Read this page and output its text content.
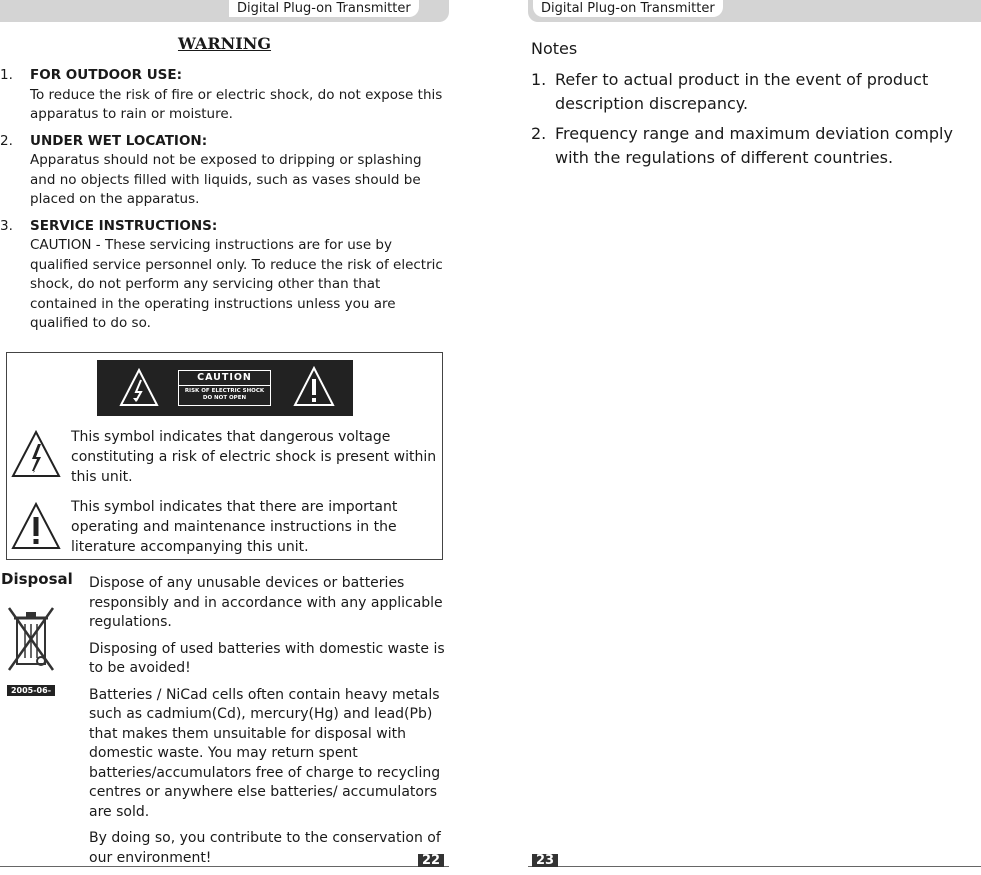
Digital Plug-on Transmitter
WARNING
1. FOR OUTDOOR USE:
To reduce the risk of fire or electric shock, do not expose this apparatus to rain or moisture.
2. UNDER WET LOCATION:
Apparatus should not be exposed to dripping or splashing and no objects filled with liquids, such as vases should be placed on the apparatus.
3. SERVICE INSTRUCTIONS:
CAUTION - These servicing instructions are for use by qualified service personnel only. To reduce the risk of electric shock, do not perform any servicing other than that contained in the operating instructions unless you are qualified to do so.
CAUTION
RISK OF ELECTRIC SHOCK
DO NOT OPEN
This symbol indicates that dangerous voltage constituting a risk of electric shock is present within this unit.
This symbol indicates that there are important operating and maintenance instructions in the literature accompanying this unit.
Disposal
2005-06-13

Dispose of any unusable devices or batteries responsibly and in accordance with any applicable regulations.

Disposing of used batteries with domestic waste is to be avoided!

Batteries / NiCad cells often contain heavy metals such as cadmium(Cd), mercury(Hg) and lead(Pb) that makes them unsuitable for disposal with domestic waste. You may return spent batteries/accumulators free of charge to recycling centres or anywhere else batteries/ accumulators are sold.

By doing so, you contribute to the conservation of our environment!	22
Digital Plug-on Transmitter
Notes
1. Refer to actual product in the event of product description discrepancy.
2. Frequency range and maximum deviation comply with the regulations of different countries.
23
